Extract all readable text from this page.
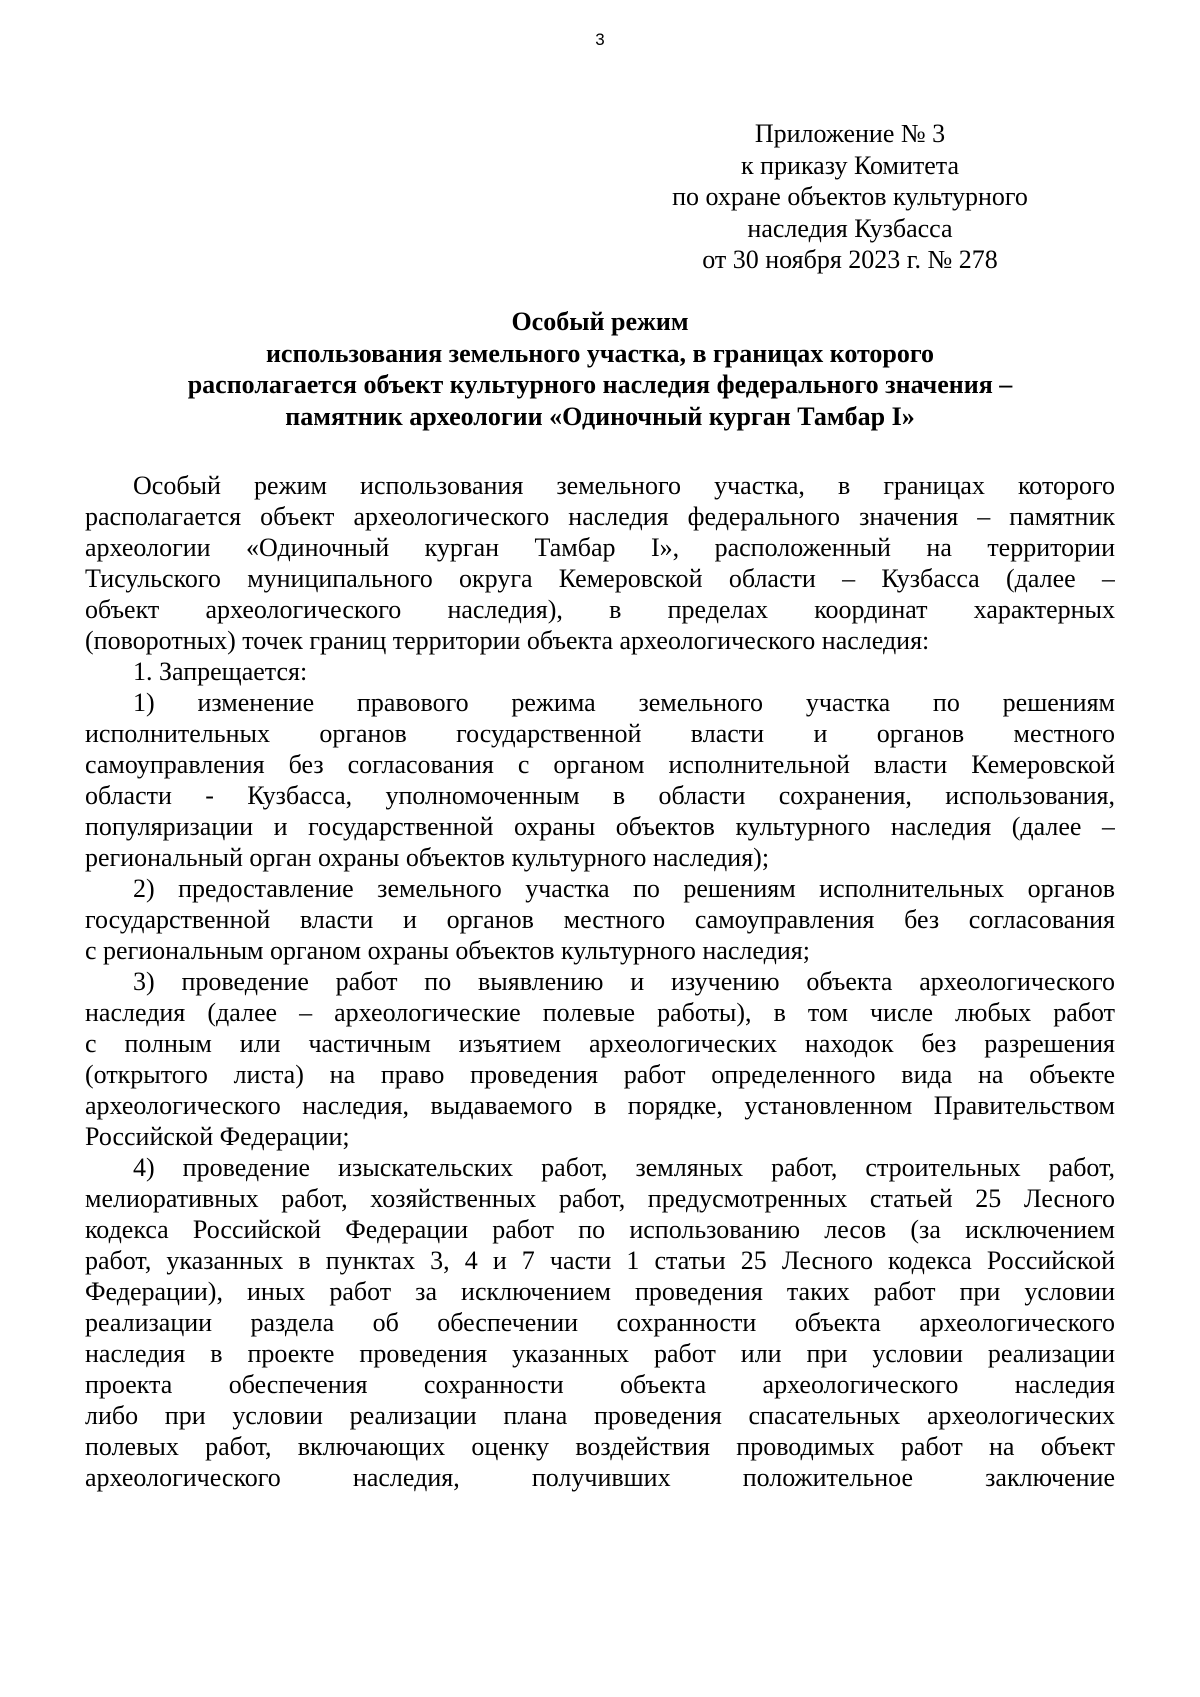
3
Приложение № 3
к приказу Комитета
по охране объектов культурного
наследия Кузбасса
от 30 ноября 2023 г. № 278
Особый режим
использования земельного участка, в границах которого
располагается объект культурного наследия федерального значения –
памятник археологии «Одиночный курган Тамбар I»
Особый режим использования земельного участка, в границах которого
располагается объект археологического наследия федерального значения – памятник
археологии «Одиночный курган Тамбар I», расположенный на территории
Тисульского муниципального округа Кемеровской области – Кузбасса (далее –
объект археологического наследия), в пределах координат характерных
(поворотных) точек границ территории объекта археологического наследия:
1. Запрещается:
1) изменение правового режима земельного участка по решениям
исполнительных органов государственной власти и органов местного
самоуправления без согласования с органом исполнительной власти Кемеровской
области - Кузбасса, уполномоченным в области сохранения, использования,
популяризации и государственной охраны объектов культурного наследия (далее –
региональный орган охраны объектов культурного наследия);
2) предоставление земельного участка по решениям исполнительных органов
государственной власти и органов местного самоуправления без согласования
с региональным органом охраны объектов культурного наследия;
3) проведение работ по выявлению и изучению объекта археологического
наследия (далее – археологические полевые работы), в том числе любых работ
с полным или частичным изъятием археологических находок без разрешения
(открытого листа) на право проведения работ определенного вида на объекте
археологического наследия, выдаваемого в порядке, установленном Правительством
Российской Федерации;
4) проведение изыскательских работ, земляных работ, строительных работ,
мелиоративных работ, хозяйственных работ, предусмотренных статьей 25 Лесного
кодекса Российской Федерации работ по использованию лесов (за исключением
работ, указанных в пунктах 3, 4 и 7 части 1 статьи 25 Лесного кодекса Российской
Федерации), иных работ за исключением проведения таких работ при условии
реализации раздела об обеспечении сохранности объекта археологического
наследия в проекте проведения указанных работ или при условии реализации
проекта обеспечения сохранности объекта археологического наследия
либо при условии реализации плана проведения спасательных археологических
полевых работ, включающих оценку воздействия проводимых работ на объект
археологического наследия, получивших положительное заключение
